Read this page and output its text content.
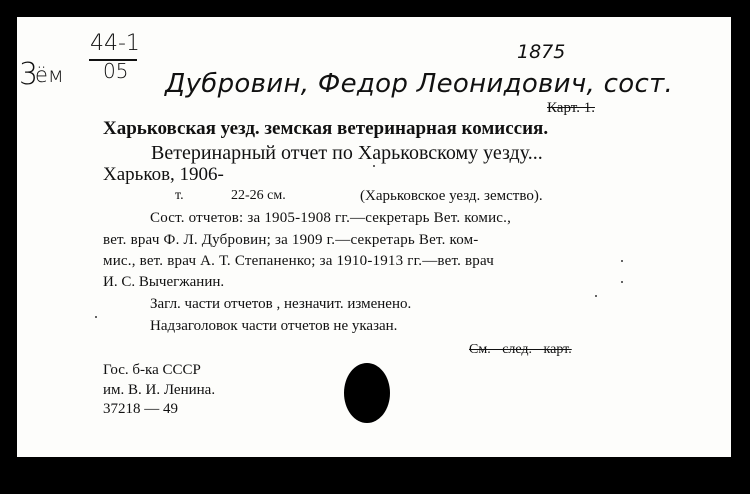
3
ём
44-1
05
1875
Дубровин, Федор Леонидович, сост.
Карт. 1.
Харьковская уезд. земская ветеринарная комиссия.
Ветеринарный отчет по Харьковскому уезду...
Харьков, 1906-
т.	22-26 см.	(Харьковское уезд. земство).
Сост. отчетов: за 1905-1908 гг.—секретарь Вет. комис.,
вет. врач Ф. Л. Дубровин; за 1909 г.—секретарь Вет. ком-
мис., вет. врач А. Т. Степаненко; за 1910-1913 гг.—вет. врач
И. С. Вычегжанин.
Загл. части отчетов , незначит. изменено.
Надзаголовок части отчетов не указан.
См. след. карт.
Гос. б-ка СССР
им. В. И. Ленина.
37218 — 49
